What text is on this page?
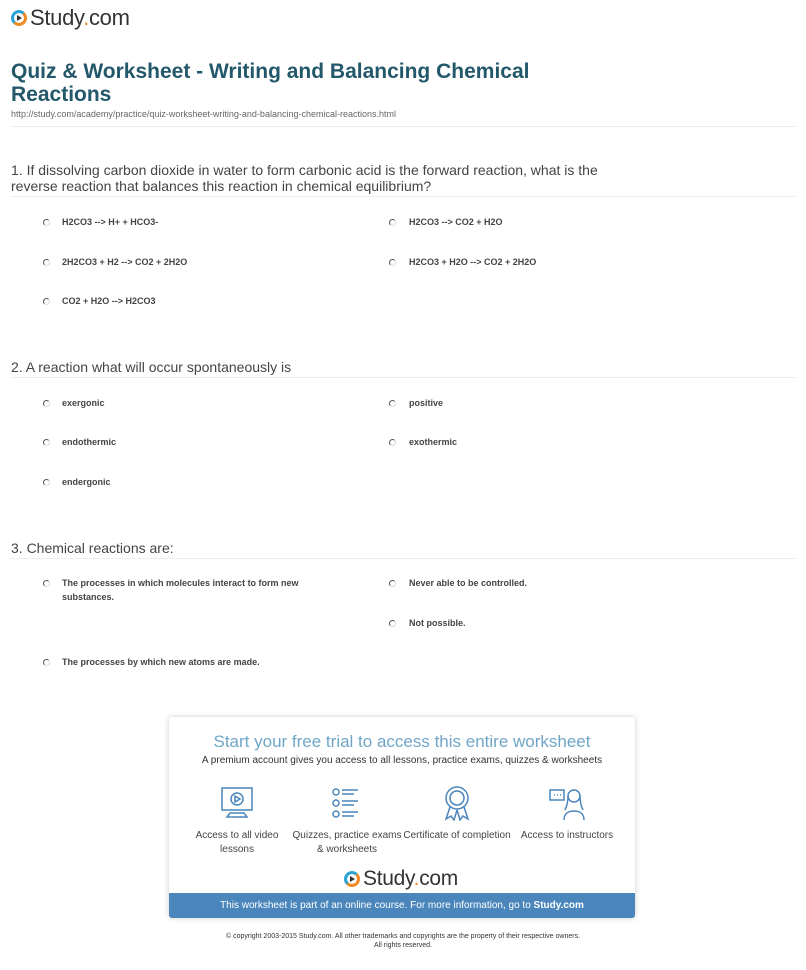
Study.com
Quiz & Worksheet - Writing and Balancing Chemical Reactions
http://study.com/academy/practice/quiz-worksheet-writing-and-balancing-chemical-reactions.html
1. If dissolving carbon dioxide in water to form carbonic acid is the forward reaction, what is the reverse reaction that balances this reaction in chemical equilibrium?
H2CO3 --> H+ + HCO3-	H2CO3 --> CO2 + H2O
2H2CO3 + H2 --> CO2 + 2H2O	H2CO3 + H2O --> CO2 + 2H2O
CO2 + H2O --> H2CO3
2. A reaction what will occur spontaneously is
exergonic	positive
endothermic	exothermic
endergonic
3. Chemical reactions are:
The processes in which molecules interact to form new substances.
Never able to be controlled.
Not possible.
The processes by which new atoms are made.
Start your free trial to access this entire worksheet
A premium account gives you access to all lessons, practice exams, quizzes & worksheets
Access to all video lessons
Quizzes, practice exams & worksheets
Certificate of completion	Access to instructors
Study.com
This worksheet is part of an online course. For more information, go to Study.com
© copyright 2003-2015 Study.com. All other trademarks and copyrights are the property of their respective owners.
All rights reserved.
